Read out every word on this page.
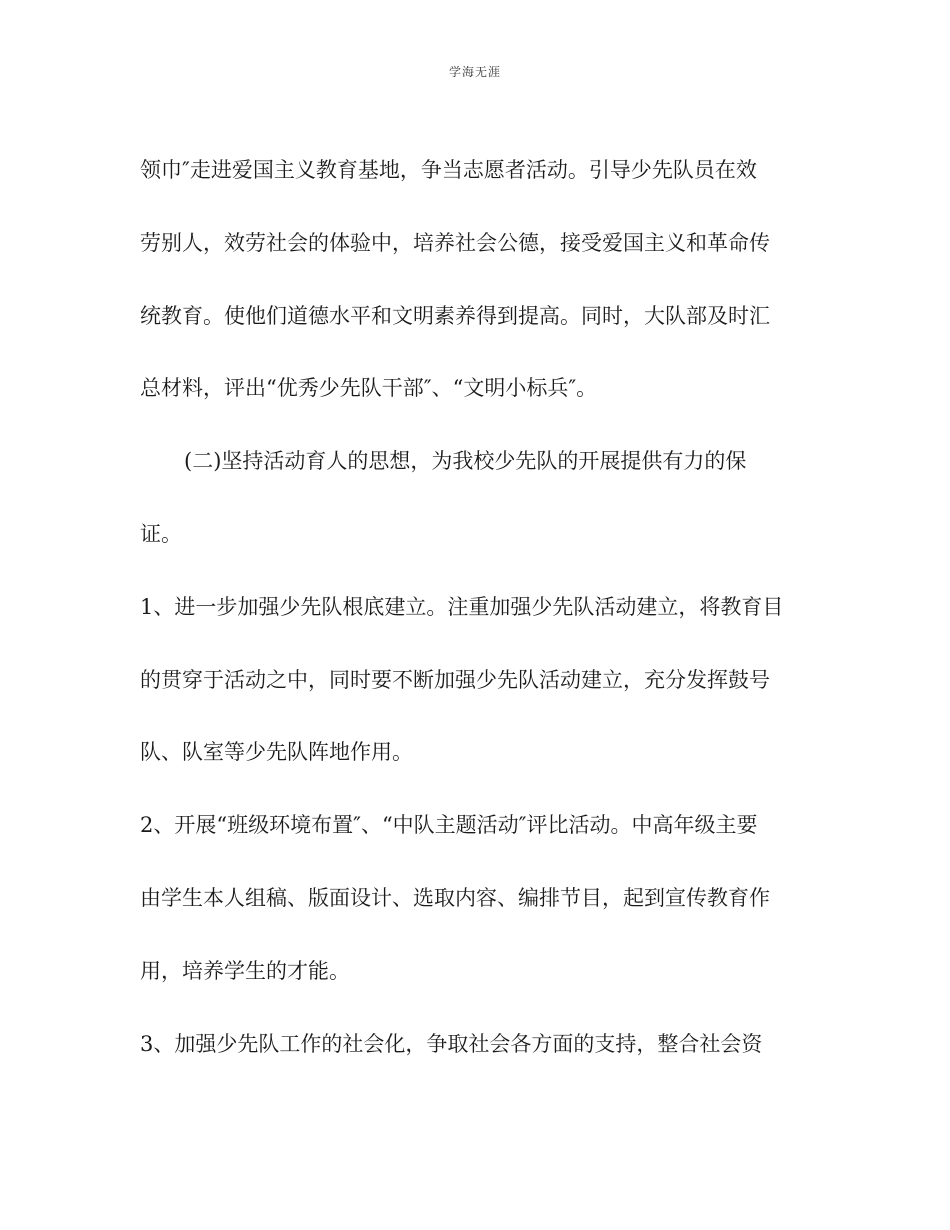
学海无涯
领巾″走进爱国主义教育基地，争当志愿者活动。引导少先队员在效
劳别人，效劳社会的体验中，培养社会公德，接受爱国主义和革命传
统教育。使他们道德水平和文明素养得到提高。同时，大队部及时汇
总材料，评出“优秀少先队干部″、“文明小标兵″。
(二)坚持活动育人的思想，为我校少先队的开展提供有力的保
证。
1、进一步加强少先队根底建立。注重加强少先队活动建立，将教育目
的贯穿于活动之中，同时要不断加强少先队活动建立，充分发挥鼓号
队、队室等少先队阵地作用。
2、开展“班级环境布置″、“中队主题活动″评比活动。中高年级主要
由学生本人组稿、版面设计、选取内容、编排节目，起到宣传教育作
用，培养学生的才能。
3、加强少先队工作的社会化，争取社会各方面的支持，整合社会资
